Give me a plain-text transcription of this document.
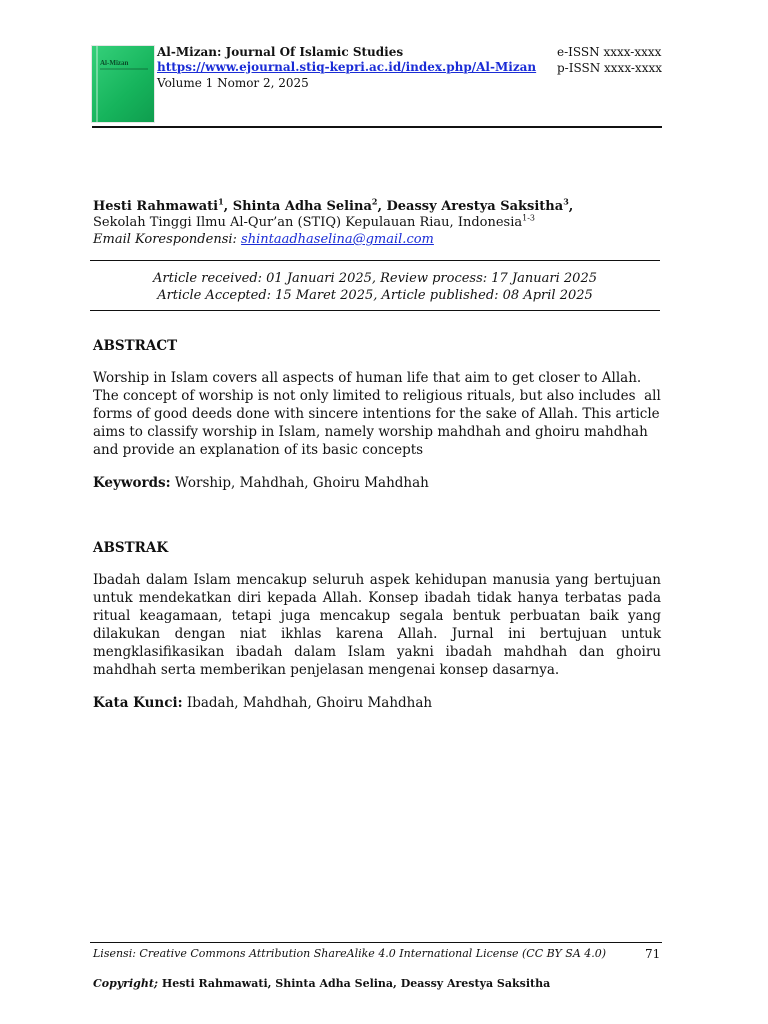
Al-Mizan
Al-Mizan: Journal Of Islamic Studies
https://www.ejournal.stiq-kepri.ac.id/index.php/Al-Mizan
Volume 1 Nomor 2, 2025
e-ISSN xxxx-xxxx
p-ISSN xxxx-xxxx
Hesti Rahmawati$^1$, Shinta Adha Selina$^2$, Deassy Arestya Saksitha$^3$,
Sekolah Tinggi Ilmu Al-Qur’an (STIQ) Kepulauan Riau, Indonesia$^{1-3}$
Email Korespondensi: shintaadhaselina@gmail.com
Article received: 01 Januari 2025, Review process: 17 Januari 2025
Article Accepted: 15 Maret 2025, Article published: 08 April 2025
ABSTRACT
Worship in Islam covers all aspects of human life that aim to get closer to Allah.
The concept of worship is not only limited to religious rituals, but also includes  all
forms of good deeds done with sincere intentions for the sake of Allah. This article
aims to classify worship in Islam, namely worship mahdhah and ghoiru mahdhah
and provide an explanation of its basic concepts
Keywords: Worship, Mahdhah, Ghoiru Mahdhah
ABSTRAK
Ibadah dalam Islam mencakup seluruh aspek kehidupan manusia yang bertujuan untuk mendekatkan diri kepada Allah. Konsep ibadah tidak hanya terbatas pada ritual keagamaan, tetapi juga mencakup segala bentuk perbuatan baik yang dilakukan dengan niat ikhlas karena Allah. Jurnal ini bertujuan untuk mengklasifikasikan ibadah dalam Islam yakni ibadah mahdhah dan ghoiru mahdhah serta memberikan penjelasan mengenai konsep dasarnya.
Kata Kunci: Ibadah, Mahdhah, Ghoiru Mahdhah
Lisensi: Creative Commons Attribution ShareAlike 4.0 International License (CC BY SA 4.0)	71
Copyright; Hesti Rahmawati, Shinta Adha Selina, Deassy Arestya Saksitha
